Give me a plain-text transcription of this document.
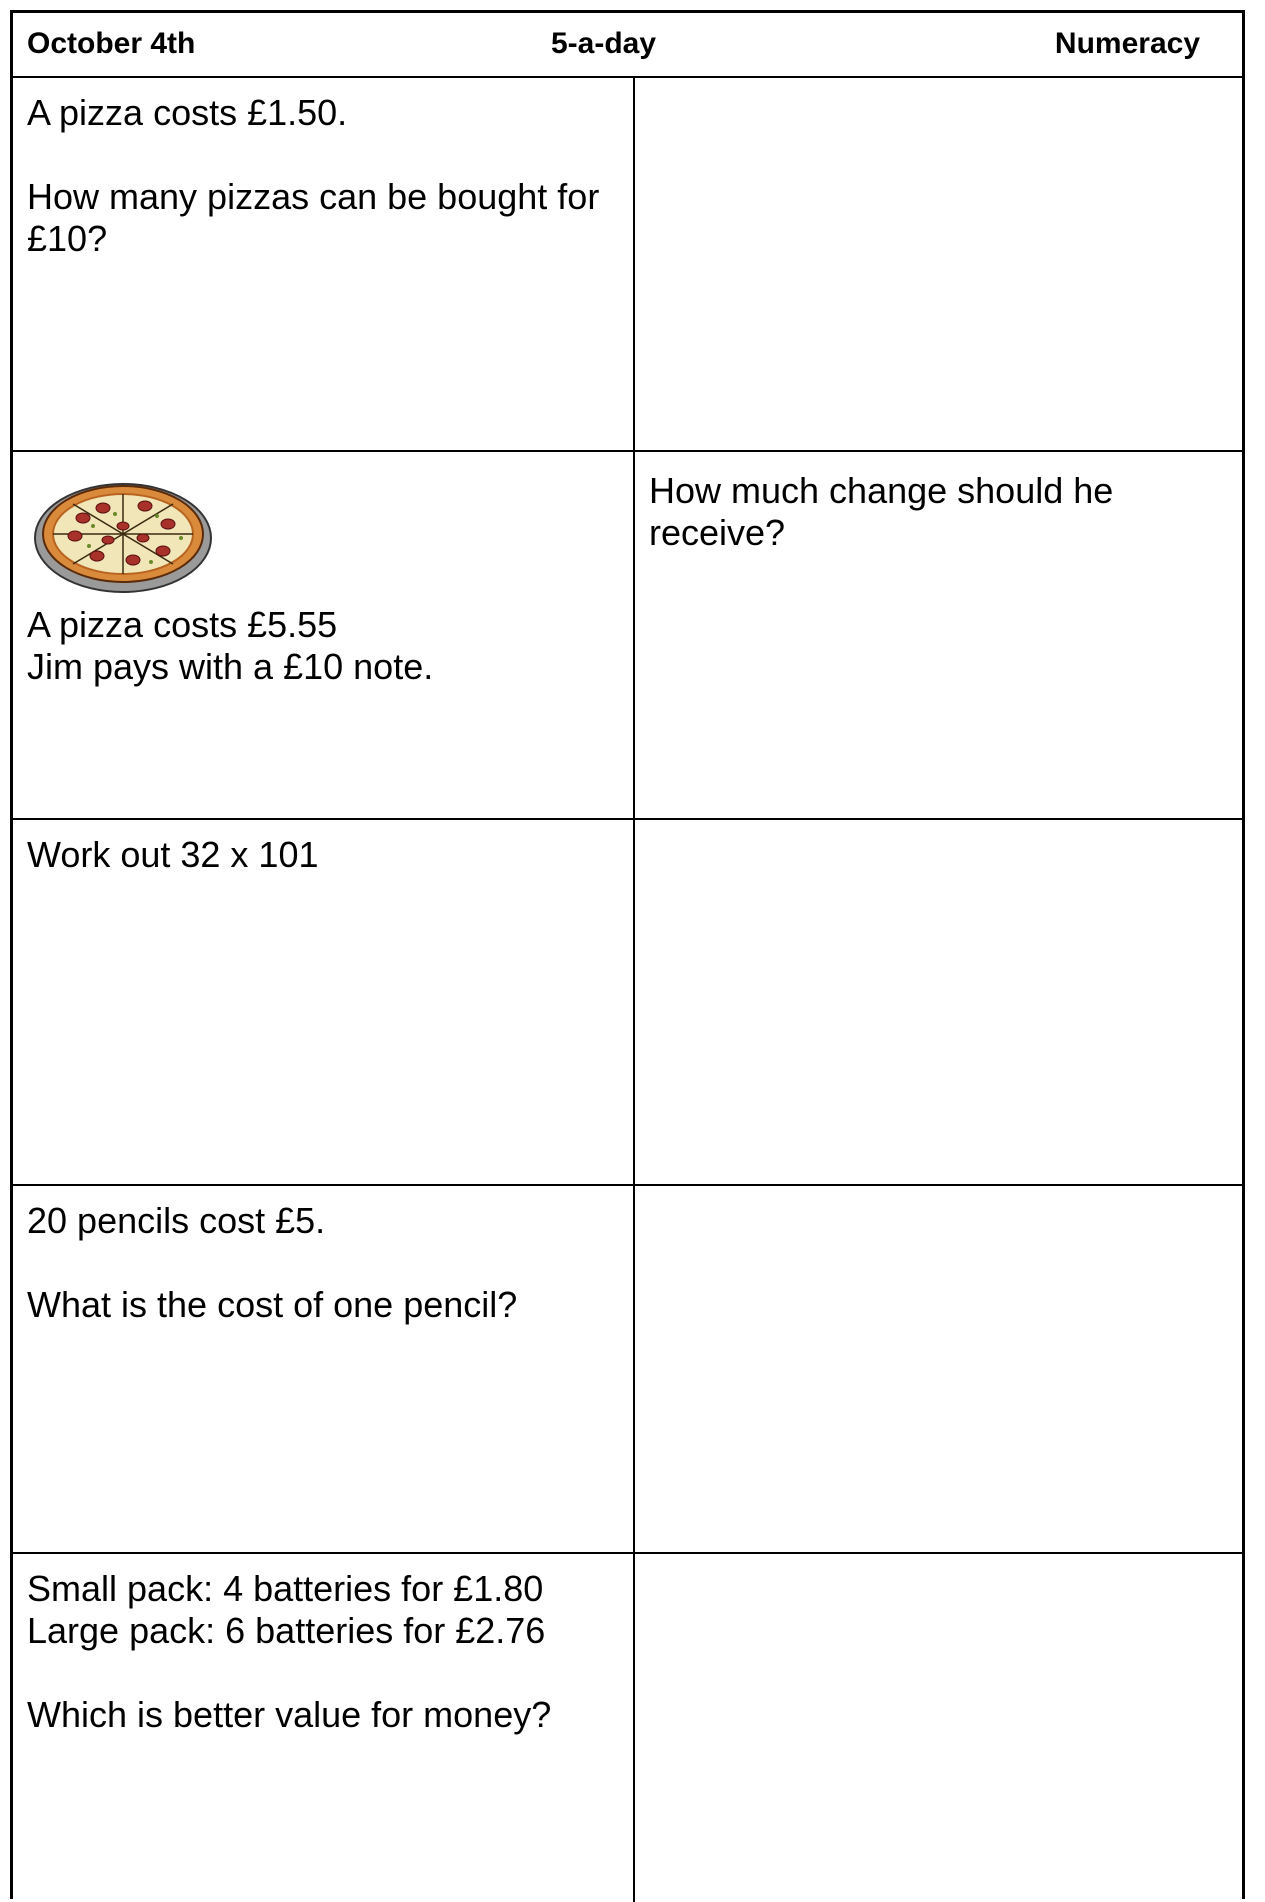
October 4th	5-a-day	Numeracy
A pizza costs £1.50.
How many pizzas can be bought for £10?
A pizza costs £5.55
Jim pays with a £10 note.
How much change should he receive?
Work out 32 x 101
20 pencils cost £5.
What is the cost of one pencil?
Small pack: 4 batteries for £1.80
Large pack: 6 batteries for £2.76
Which is better value for money?
